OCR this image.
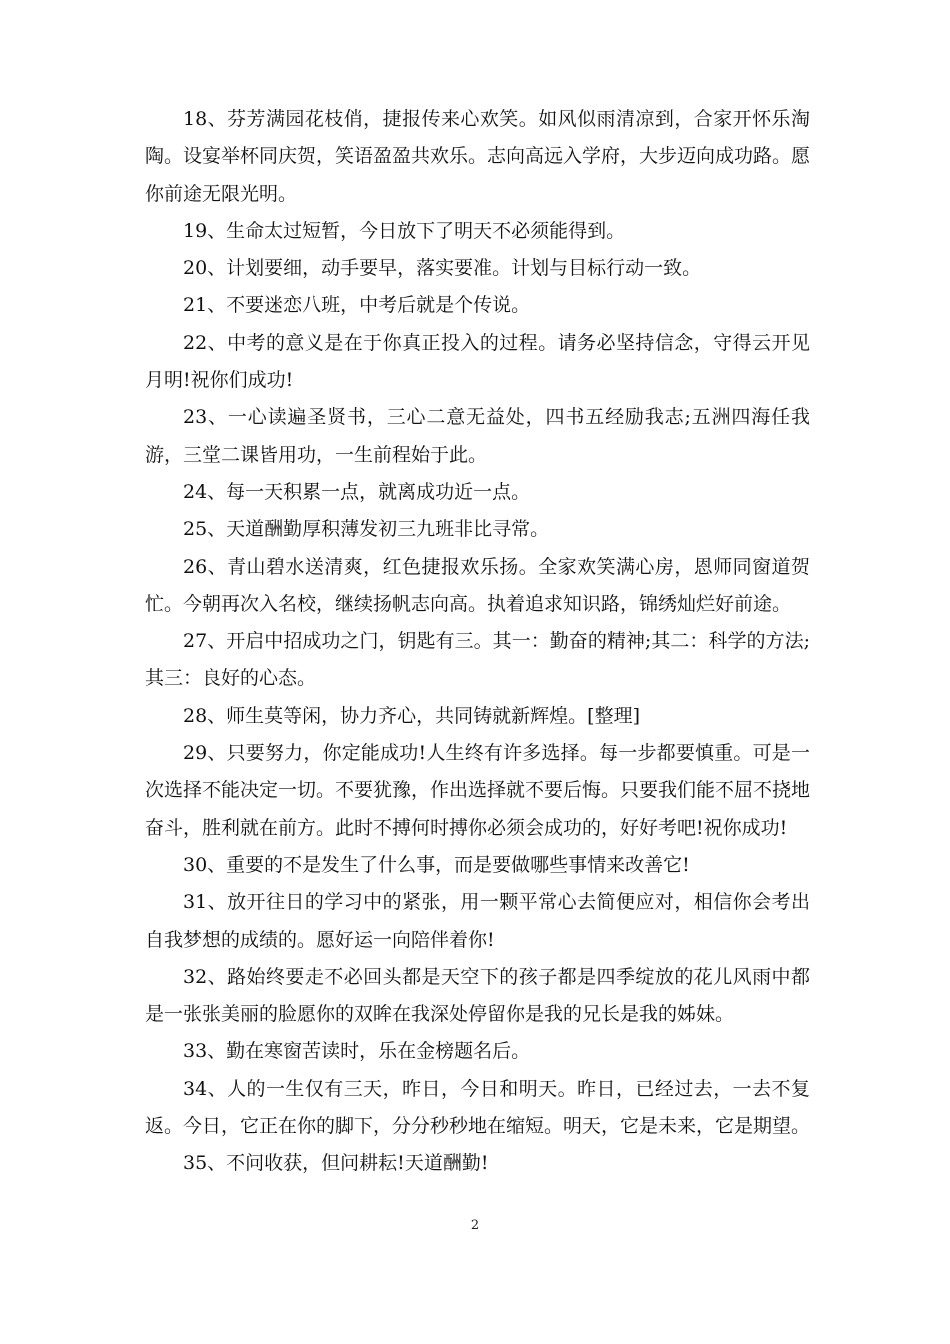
18、芬芳满园花枝俏，捷报传来心欢笑。如风似雨清凉到，合家开怀乐淘陶。设宴举杯同庆贺，笑语盈盈共欢乐。志向高远入学府，大步迈向成功路。愿你前途无限光明。

19、生命太过短暂，今日放下了明天不必须能得到。

20、计划要细，动手要早，落实要准。计划与目标行动一致。

21、不要迷恋八班，中考后就是个传说。

22、中考的意义是在于你真正投入的过程。请务必坚持信念，守得云开见月明!祝你们成功!

23、一心读遍圣贤书，三心二意无益处，四书五经励我志;五洲四海任我游，三堂二课皆用功，一生前程始于此。

24、每一天积累一点，就离成功近一点。

25、天道酬勤厚积薄发初三九班非比寻常。

26、青山碧水送清爽，红色捷报欢乐扬。全家欢笑满心房，恩师同窗道贺忙。今朝再次入名校，继续扬帆志向高。执着追求知识路，锦绣灿烂好前途。

27、开启中招成功之门，钥匙有三。其一：勤奋的精神;其二：科学的方法;其三：良好的心态。

28、师生莫等闲，协力齐心，共同铸就新辉煌。[整理]

29、只要努力，你定能成功!人生终有许多选择。每一步都要慎重。可是一次选择不能决定一切。不要犹豫，作出选择就不要后悔。只要我们能不屈不挠地奋斗，胜利就在前方。此时不搏何时搏你必须会成功的，好好考吧!祝你成功!

30、重要的不是发生了什么事，而是要做哪些事情来改善它!

31、放开往日的学习中的紧张，用一颗平常心去简便应对，相信你会考出自我梦想的成绩的。愿好运一向陪伴着你!

32、路始终要走不必回头都是天空下的孩子都是四季绽放的花儿风雨中都是一张张美丽的脸愿你的双眸在我深处停留你是我的兄长是我的姊妹。

33、勤在寒窗苦读时，乐在金榜题名后。

34、人的一生仅有三天，昨日，今日和明天。昨日，已经过去，一去不复返。今日，它正在你的脚下，分分秒秒地在缩短。明天，它是未来，它是期望。

35、不问收获，但问耕耘!天道酬勤!

2
